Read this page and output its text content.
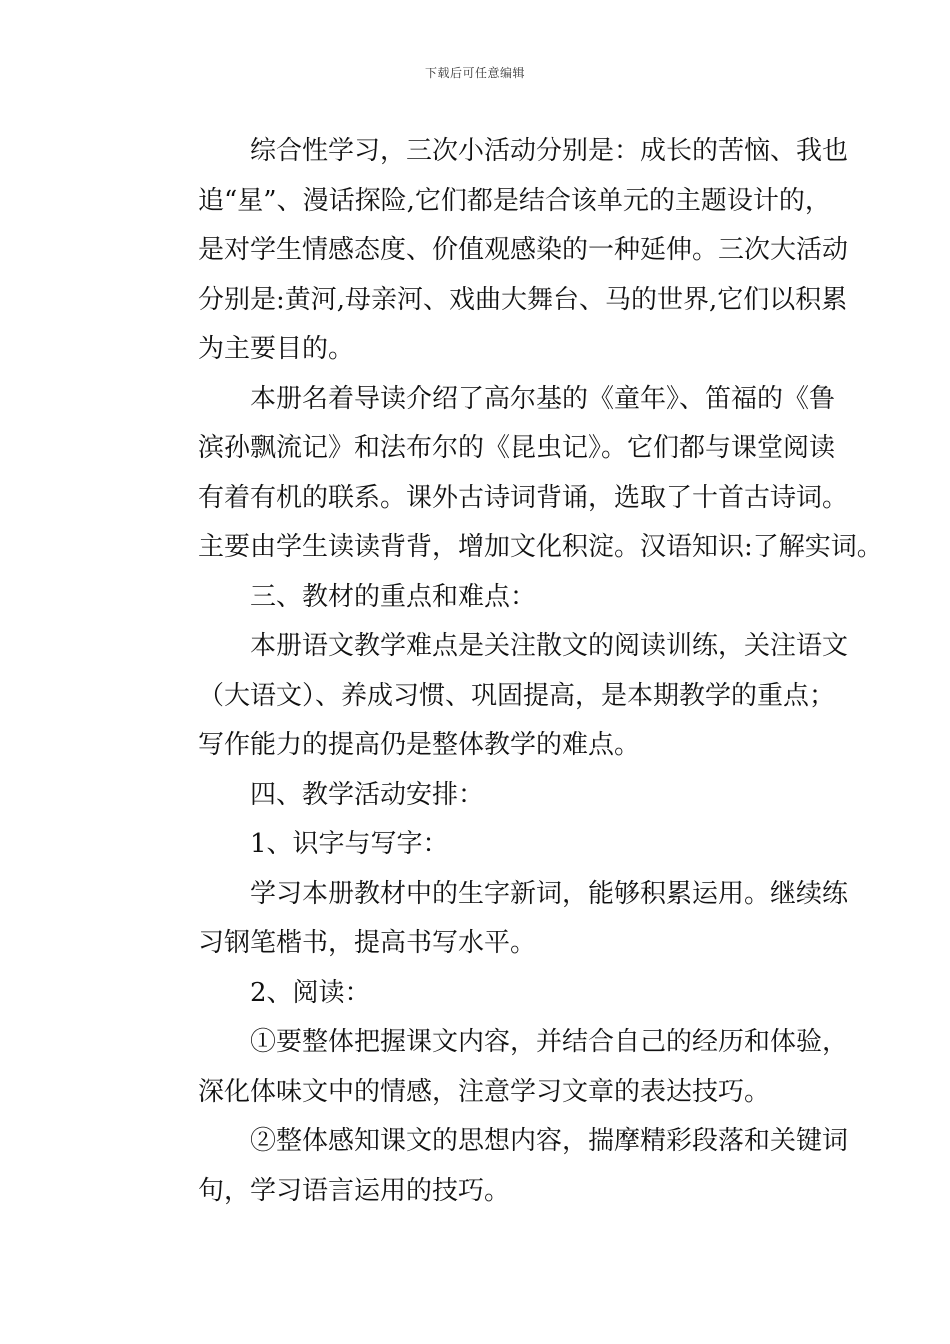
下载后可任意编辑
综合性学习，三次小活动分别是：成长的苦恼、我也
追“星”、漫话探险,它们都是结合该单元的主题设计的，
是对学生情感态度、价值观感染的一种延伸。三次大活动
分别是:黄河,母亲河、戏曲大舞台、马的世界,它们以积累
为主要目的。
本册名着导读介绍了高尔基的《童年》、笛福的《鲁
滨孙飘流记》和法布尔的《昆虫记》。它们都与课堂阅读
有着有机的联系。课外古诗词背诵，选取了十首古诗词。
主要由学生读读背背，增加文化积淀。汉语知识:了解实词。
三、教材的重点和难点：
本册语文教学难点是关注散文的阅读训练，关注语文
（大语文）、养成习惯、巩固提高，是本期教学的重点；
写作能力的提高仍是整体教学的难点。
四、教学活动安排：
1、识字与写字：
学习本册教材中的生字新词，能够积累运用。继续练
习钢笔楷书，提高书写水平。
2、阅读：
①要整体把握课文内容，并结合自己的经历和体验，
深化体味文中的情感，注意学习文章的表达技巧。
②整体感知课文的思想内容，揣摩精彩段落和关键词
句，学习语言运用的技巧。
